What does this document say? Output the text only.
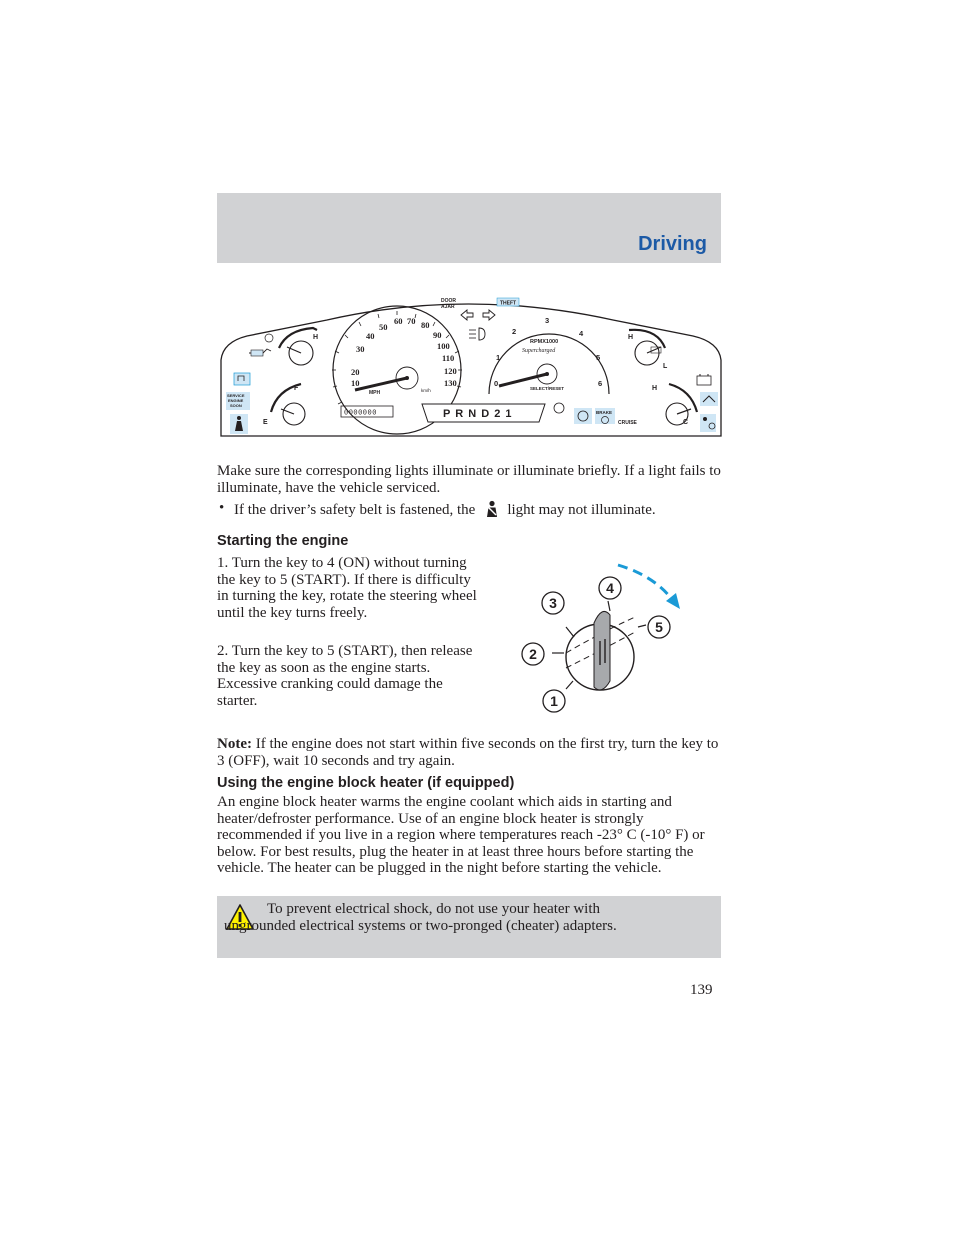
Driving
10
20
30
40
50
60 70 80
90
100
110
120
130
MPH	km/h
DOOR
AJAR
THEFT
0
1
2
3
4
5
6
RPMX1000
Supercharged
SELECT/RESET
H
F
E
SERVICE
ENGINE
SOON
H
L
H
C
0000000	P R N D 2 1	BRAKE
CRUISE

Make sure the corresponding lights illuminate or illuminate briefly. If a light fails to illuminate, have the vehicle serviced.

• If the driver’s safety belt is fastened, the light may not illuminate.
Starting the engine

1. Turn the key to 4 (ON) without turning the key to 5 (START). If there is difficulty in turning the key, rotate the steering wheel until the key turns freely.

2. Turn the key to 5 (START), then release the key as soon as the engine starts. Excessive cranking could damage the starter.	1
2
3
4
5

Note: If the engine does not start within five seconds on the first try, turn the key to 3 (OFF), wait 10 seconds and try again.

Using the engine block heater (if equipped)

An engine block heater warms the engine coolant which aids in starting and heater/defroster performance. Use of an engine block heater is strongly recommended if you live in a region where temperatures reach -23° C (-10° F) or below. For best results, plug the heater in at least three hours before starting the vehicle. The heater can be plugged in the night before starting the vehicle.

To prevent electrical shock, do not use your heater with ungrounded electrical systems or two-pronged (cheater) adapters.

139
